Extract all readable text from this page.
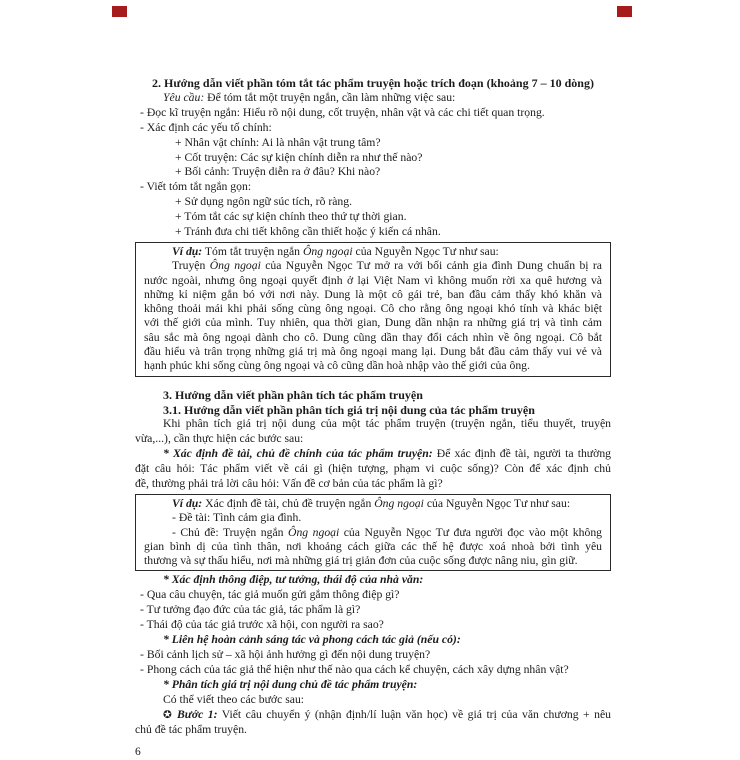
2. Hướng dẫn viết phần tóm tắt tác phẩm truyện hoặc trích đoạn (khoảng 7 – 10 dòng)
Yêu cầu: Để tóm tắt một truyện ngắn, cần làm những việc sau:
- Đọc kĩ truyện ngắn: Hiểu rõ nội dung, cốt truyện, nhân vật và các chi tiết quan trọng.
- Xác định các yếu tố chính:
+ Nhân vật chính: Ai là nhân vật trung tâm?
+ Cốt truyện: Các sự kiện chính diễn ra như thế nào?
+ Bối cảnh: Truyện diễn ra ở đâu? Khi nào?
- Viết tóm tắt ngắn gọn:
+ Sử dụng ngôn ngữ súc tích, rõ ràng.
+ Tóm tắt các sự kiện chính theo thứ tự thời gian.
+ Tránh đưa chi tiết không cần thiết hoặc ý kiến cá nhân.
Ví dụ: Tóm tắt truyện ngắn Ông ngoại của Nguyễn Ngọc Tư như sau:
Truyện Ông ngoại của Nguyễn Ngọc Tư mở ra với bối cảnh gia đình Dung chuẩn bị ra
nước ngoài, nhưng ông ngoại quyết định ở lại Việt Nam vì không muốn rời xa quê hương và
những kỉ niệm gắn bó với nơi này. Dung là một cô gái trẻ, ban đầu cảm thấy khó khăn và
không thoải mái khi phải sống cùng ông ngoại. Cô cho rằng ông ngoại khó tính và khác biệt
với thế giới của mình. Tuy nhiên, qua thời gian, Dung dần nhận ra những giá trị và tình cảm
sâu sắc mà ông ngoại dành cho cô. Dung cũng dần thay đổi cách nhìn về ông ngoại. Cô bắt
đầu hiểu và trân trọng những giá trị mà ông ngoại mang lại. Dung bắt đầu cảm thấy vui vẻ và
hạnh phúc khi sống cùng ông ngoại và cô cũng dần hoà nhập vào thế giới của ông.
3. Hướng dẫn viết phần phân tích tác phẩm truyện
3.1. Hướng dẫn viết phần phân tích giá trị nội dung của tác phẩm truyện
Khi phân tích giá trị nội dung của một tác phẩm truyện (truyện ngắn, tiểu thuyết, truyện
vừa,...), cần thực hiện các bước sau:
* Xác định đề tài, chủ đề chính của tác phẩm truyện: Để xác định đề tài, người ta thường
đặt câu hỏi: Tác phẩm viết về cái gì (hiện tượng, phạm vi cuộc sống)? Còn để xác định chủ
đề, thường phải trả lời câu hỏi: Vấn đề cơ bản của tác phẩm là gì?
Ví dụ: Xác định đề tài, chủ đề truyện ngắn Ông ngoại của Nguyễn Ngọc Tư như sau:
- Đề tài: Tình cảm gia đình.
- Chủ đề: Truyện ngắn Ông ngoại của Nguyễn Ngọc Tư đưa người đọc vào một không
gian bình dị của tình thân, nơi khoảng cách giữa các thế hệ được xoá nhoà bởi tình yêu
thương và sự thấu hiểu, nơi mà những giá trị giản đơn của cuộc sống được nâng niu, gìn giữ.
* Xác định thông điệp, tư tưởng, thái độ của nhà văn:
- Qua câu chuyện, tác giả muốn gửi gắm thông điệp gì?
- Tư tưởng đạo đức của tác giả, tác phẩm là gì?
- Thái độ của tác giả trước xã hội, con người ra sao?
* Liên hệ hoàn cảnh sáng tác và phong cách tác giả (nếu có):
- Bối cảnh lịch sử – xã hội ảnh hưởng gì đến nội dung truyện?
- Phong cách của tác giả thể hiện như thế nào qua cách kể chuyện, cách xây dựng nhân vật?
* Phân tích giá trị nội dung chủ đề tác phẩm truyện:
Có thể viết theo các bước sau:
✪ Bước 1: Viết câu chuyển ý (nhận định/lí luận văn học) về giá trị của văn chương + nêu
chủ đề tác phẩm truyện.
6
